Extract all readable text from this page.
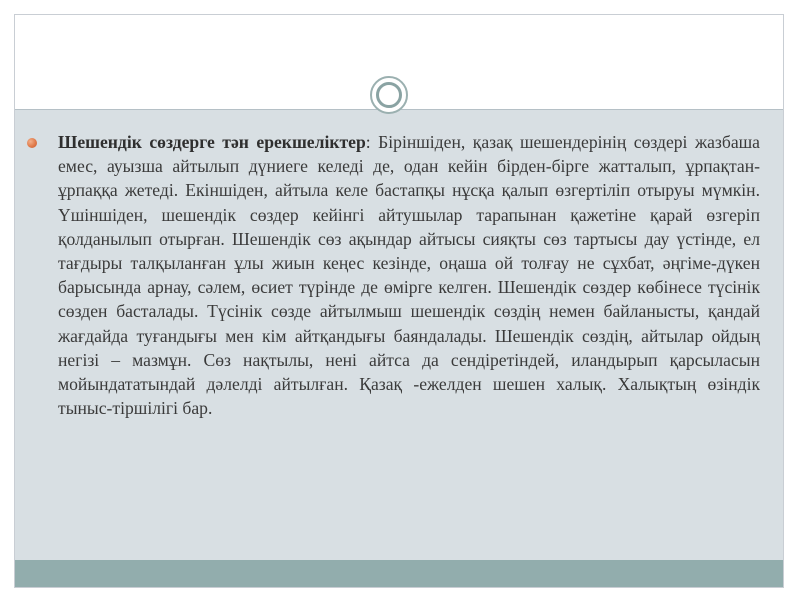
Шешендік сөздерге тән ерекшеліктер: Біріншіден, қазақ шешендерінің сөздері жазбаша емес, ауызша айтылып дүниеге келеді де, одан кейін бірден-бірге жатталып, ұрпақтан-ұрпаққа жетеді. Екіншіден, айтыла келе бастапқы нұсқа қалып өзгертіліп отыруы мүмкін. Үшіншіден, шешендік сөздер кейінгі айтушылар тарапынан қажетіне қарай өзгеріп қолданылып отырған. Шешендік сөз ақындар айтысы сияқты сөз тартысы дау үстінде, ел тағдыры талқыланған ұлы жиын кеңес кезінде, оңаша ой толғау не сұхбат, әңгіме-дүкен барысында арнау, сәлем, өсиет түрінде де өмірге келген. Шешендік сөздер көбінесе түсінік сөзден басталады. Түсінік сөзде айтылмыш шешендік сөздің немен байланысты, қандай жағдайда туғандығы мен кім айтқандығы баяндалады. Шешендік сөздің, айтылар ойдың негізі – мазмұн. Сөз нақтылы, нені айтса да сендіретіндей, иландырып қарсыласын мойындататындай дәлелді айтылған. Қазақ -ежелден шешен халық. Халықтың өзіндік тыныс-тіршілігі бар.
